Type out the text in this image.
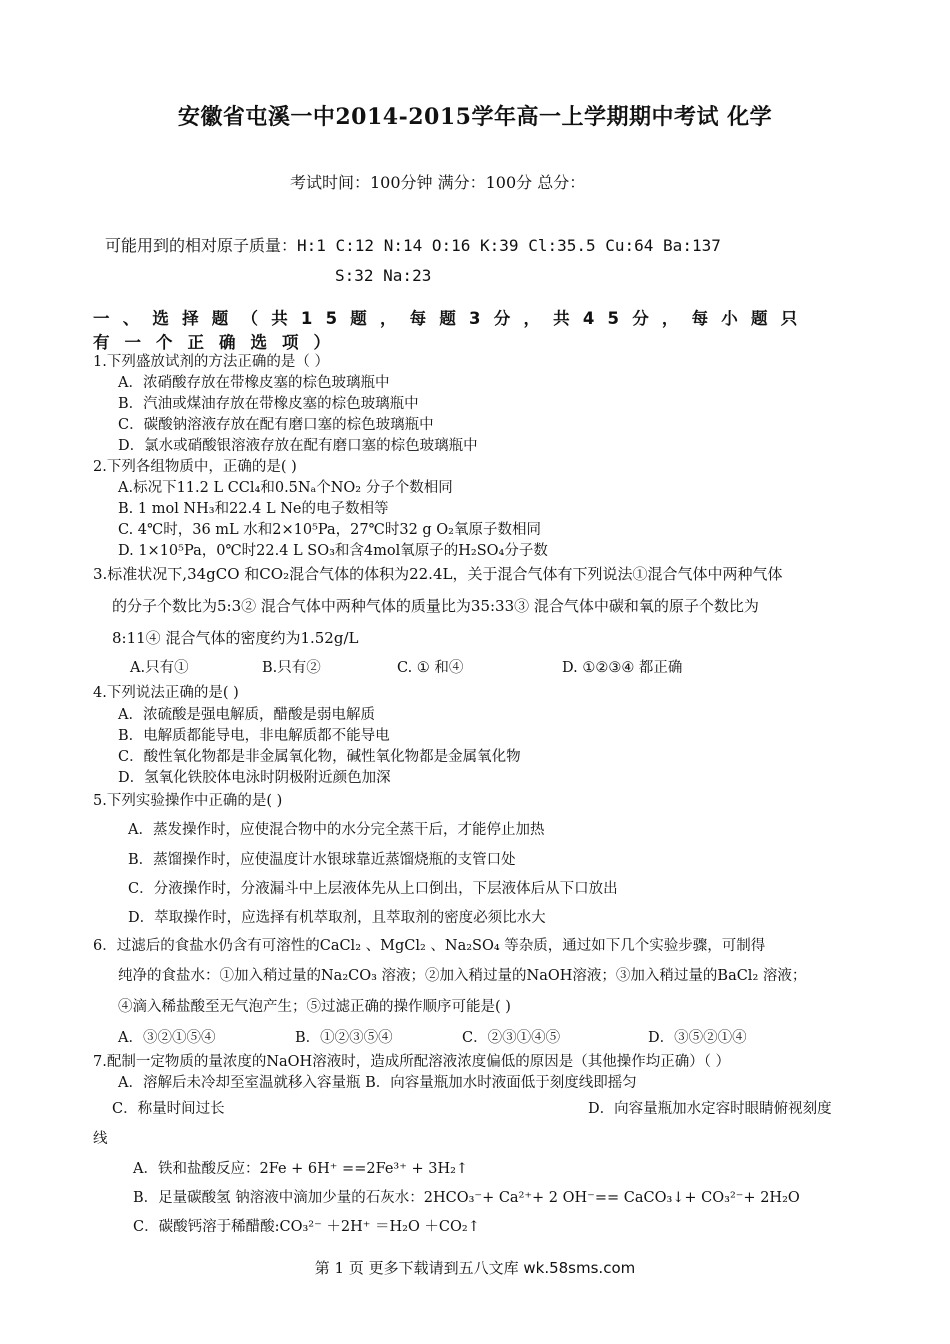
安徽省屯溪一中2014-2015学年高一上学期期中考试 化学
考试时间：100分钟 满分：100分 总分：
可能用到的相对原子质量：H:1 C:12 N:14 O:16 K:39 Cl:35.5 Cu:64 Ba:137
S:32 Na:23
一、选择题（共15题，每题3分，共45分，每小题只
有一个正确选项）
1.下列盛放试剂的方法正确的是（ ）
A．浓硝酸存放在带橡皮塞的棕色玻璃瓶中
B．汽油或煤油存放在带橡皮塞的棕色玻璃瓶中
C．碳酸钠溶液存放在配有磨口塞的棕色玻璃瓶中
D．氯水或硝酸银溶液存放在配有磨口塞的棕色玻璃瓶中
2.下列各组物质中，正确的是( )
A.标况下11.2 L CCl₄和0.5Nₐ个NO₂ 分子个数相同
B. 1 mol NH₃和22.4 L Ne的电子数相等
C. 4℃时，36 mL 水和2×10⁵Pa，27℃时32 g O₂氧原子数相同
D. 1×10⁵Pa，0℃时22.4 L SO₃和含4mol氧原子的H₂SO₄分子数
3.标准状况下,34gCO 和CO₂混合气体的体积为22.4L，关于混合气体有下列说法①混合气体中两种气体
的分子个数比为5:3② 混合气体中两种气体的质量比为35:33③ 混合气体中碳和氧的原子个数比为
8:11④ 混合气体的密度约为1.52g/L
A.只有①	B.只有②	C. ① 和④	D. ①②③④ 都正确
4.下列说法正确的是( )
A．浓硫酸是强电解质，醋酸是弱电解质
B．电解质都能导电，非电解质都不能导电
C．酸性氧化物都是非金属氧化物，碱性氧化物都是金属氧化物
D．氢氧化铁胶体电泳时阴极附近颜色加深
5.下列实验操作中正确的是( )
A．蒸发操作时，应使混合物中的水分完全蒸干后，才能停止加热
B．蒸馏操作时，应使温度计水银球靠近蒸馏烧瓶的支管口处
C．分液操作时，分液漏斗中上层液体先从上口倒出，下层液体后从下口放出
D．萃取操作时，应选择有机萃取剂，且萃取剂的密度必须比水大
6．过滤后的食盐水仍含有可溶性的CaCl₂ 、MgCl₂ 、Na₂SO₄ 等杂质，通过如下几个实验步骤，可制得
纯净的食盐水：①加入稍过量的Na₂CO₃ 溶液；②加入稍过量的NaOH溶液；③加入稍过量的BaCl₂ 溶液；
④滴入稀盐酸至无气泡产生；⑤过滤正确的操作顺序可能是( )
A．③②①⑤④	B．①②③⑤④	C．②③①④⑤	D．③⑤②①④
7.配制一定物质的量浓度的NaOH溶液时，造成所配溶液浓度偏低的原因是（其他操作均正确）（ ）
A．溶解后未冷却至室温就移入容量瓶 B．向容量瓶加水时液面低于刻度线即摇匀
C．称量时间过长	D．向容量瓶加水定容时眼睛俯视刻度
线
A．铁和盐酸反应：2Fe + 6H⁺ ==2Fe³⁺ + 3H₂↑
B．足量碳酸氢 钠溶液中滴加少量的石灰水：2HCO₃⁻+ Ca²⁺+ 2 OH⁻== CaCO₃↓+ CO₃²⁻+ 2H₂O
C．碳酸钙溶于稀醋酸:CO₃²⁻ ＋2H⁺ ＝H₂O ＋CO₂↑
第 1 页 更多下载请到五八文库 wk.58sms.com
